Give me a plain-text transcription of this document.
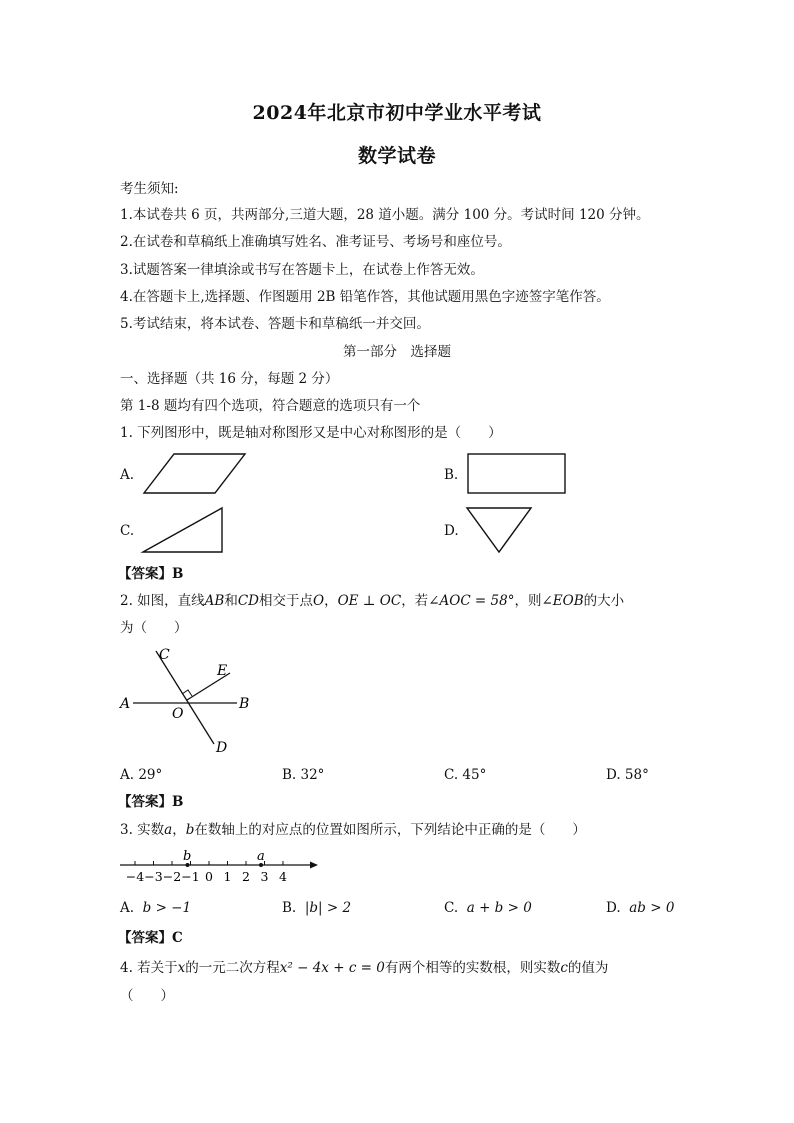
2024年北京市初中学业水平考试
数学试卷
考生须知:
1.本试卷共 6 页，共两部分,三道大题，28 道小题。满分 100 分。考试时间 120 分钟。
2.在试卷和草稿纸上准确填写姓名、准考证号、考场号和座位号。
3.试题答案一律填涂或书写在答题卡上，在试卷上作答无效。
4.在答题卡上,选择题、作图题用 2B 铅笔作答，其他试题用黑色字迹签字笔作答。
5.考试结束，将本试卷、答题卡和草稿纸一并交回。
第一部分　选择题
一、选择题（共 16 分，每题 2 分）
第 1-8 题均有四个选项，符合题意的选项只有一个
1. 下列图形中，既是轴对称图形又是中心对称图形的是（　　）
A.	B.
C.	D.
【答案】B
2. 如图，直线AB和CD相交于点O，OE ⊥ OC，若∠AOC = 58°，则∠EOB的大小
为（　　）
C
E
A
O
B
D
A. 29°	B. 32°	C. 45°	D. 58°
【答案】B
3. 实数a，b在数轴上的对应点的位置如图所示，下列结论中正确的是（　　）
−4 −3 −2 −1 0 1 2 3 4
b	a
A. b > −1	B. |b| > 2	C. a + b > 0	D. ab > 0
【答案】C
4. 若关于x的一元二次方程x² − 4x + c = 0有两个相等的实数根，则实数c的值为
（　　）
